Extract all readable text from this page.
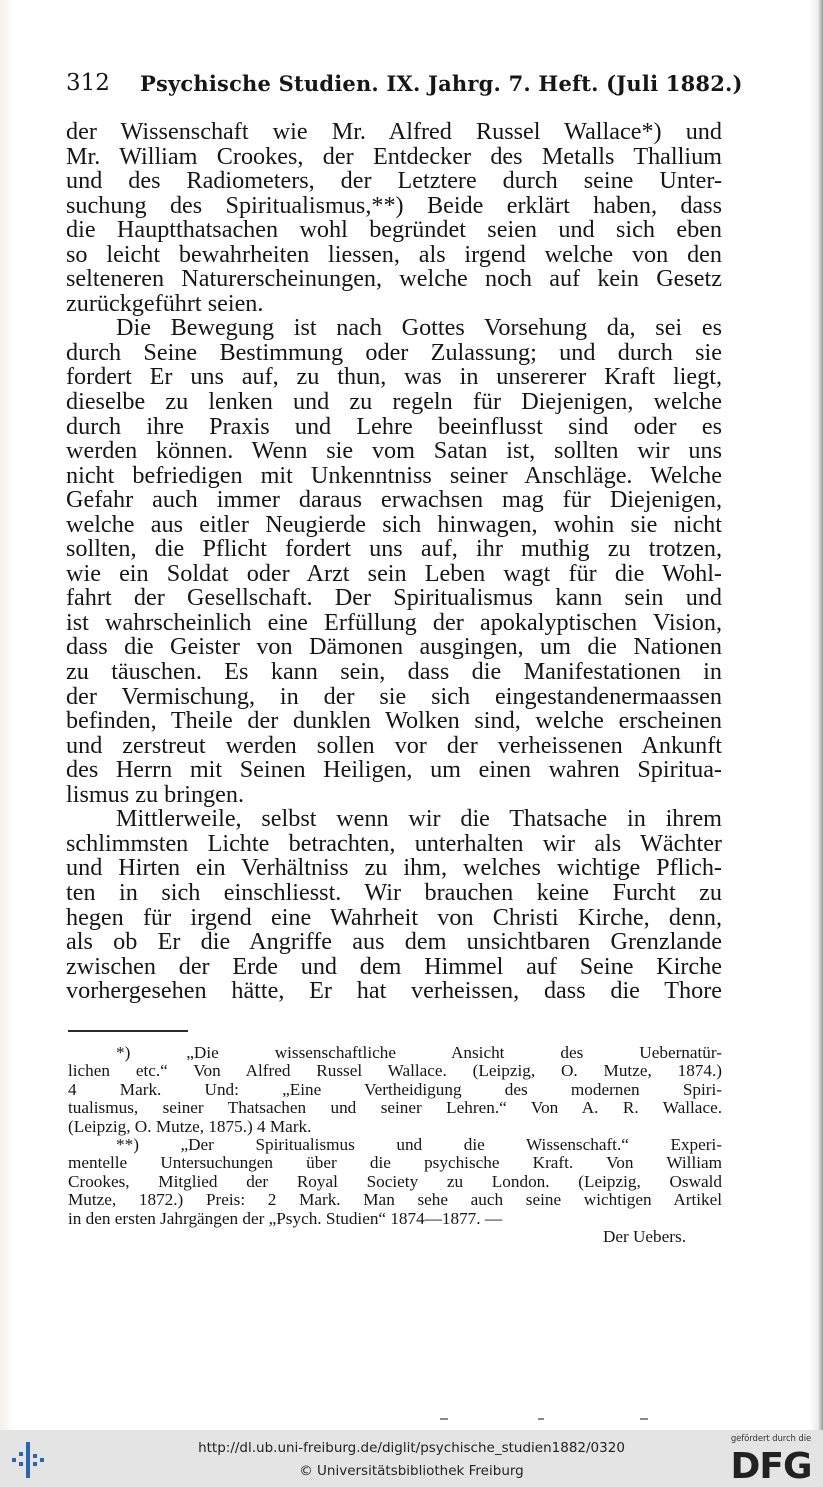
312 Psychische Studien. IX. Jahrg. 7. Heft. (Juli 1882.)
der Wissenschaft wie Mr. Alfred Russel Wallace*) und
Mr. William Crookes, der Entdecker des Metalls Thallium
und des Radiometers, der Letztere durch seine Unter-
suchung des Spiritualismus,**) Beide erklärt haben, dass
die Hauptthatsachen wohl begründet seien und sich eben
so leicht bewahrheiten liessen, als irgend welche von den
selteneren Naturerscheinungen, welche noch auf kein Gesetz
zurückgeführt seien.
Die Bewegung ist nach Gottes Vorsehung da, sei es
durch Seine Bestimmung oder Zulassung; und durch sie
fordert Er uns auf, zu thun, was in unsererer Kraft liegt,
dieselbe zu lenken und zu regeln für Diejenigen, welche
durch ihre Praxis und Lehre beeinflusst sind oder es
werden können. Wenn sie vom Satan ist, sollten wir uns
nicht befriedigen mit Unkenntniss seiner Anschläge. Welche
Gefahr auch immer daraus erwachsen mag für Diejenigen,
welche aus eitler Neugierde sich hinwagen, wohin sie nicht
sollten, die Pflicht fordert uns auf, ihr muthig zu trotzen,
wie ein Soldat oder Arzt sein Leben wagt für die Wohl-
fahrt der Gesellschaft. Der Spiritualismus kann sein und
ist wahrscheinlich eine Erfüllung der apokalyptischen Vision,
dass die Geister von Dämonen ausgingen, um die Nationen
zu täuschen. Es kann sein, dass die Manifestationen in
der Vermischung, in der sie sich eingestandenermaassen
befinden, Theile der dunklen Wolken sind, welche erscheinen
und zerstreut werden sollen vor der verheissenen Ankunft
des Herrn mit Seinen Heiligen, um einen wahren Spiritua-
lismus zu bringen.
Mittlerweile, selbst wenn wir die Thatsache in ihrem
schlimmsten Lichte betrachten, unterhalten wir als Wächter
und Hirten ein Verhältniss zu ihm, welches wichtige Pflich-
ten in sich einschliesst. Wir brauchen keine Furcht zu
hegen für irgend eine Wahrheit von Christi Kirche, denn,
als ob Er die Angriffe aus dem unsichtbaren Grenzlande
zwischen der Erde und dem Himmel auf Seine Kirche
vorhergesehen hätte, Er hat verheissen, dass die Thore
*) „Die wissenschaftliche Ansicht des Uebernatür-
lichen etc.“ Von Alfred Russel Wallace. (Leipzig, O. Mutze, 1874.)
4 Mark. Und: „Eine Vertheidigung des modernen Spiri-
tualismus, seiner Thatsachen und seiner Lehren.“ Von A. R. Wallace.
(Leipzig, O. Mutze, 1875.) 4 Mark.
**) „Der Spiritualismus und die Wissenschaft.“ Experi-
mentelle Untersuchungen über die psychische Kraft. Von William
Crookes, Mitglied der Royal Society zu London. (Leipzig, Oswald
Mutze, 1872.) Preis: 2 Mark. Man sehe auch seine wichtigen Artikel
in den ersten Jahrgängen der „Psych. Studien“ 1874—1877. —
Der Uebers.
http://dl.ub.uni-freiburg.de/diglit/psychische_studien1882/0320
© Universitätsbibliothek Freiburg
gefördert durch die
DFG
